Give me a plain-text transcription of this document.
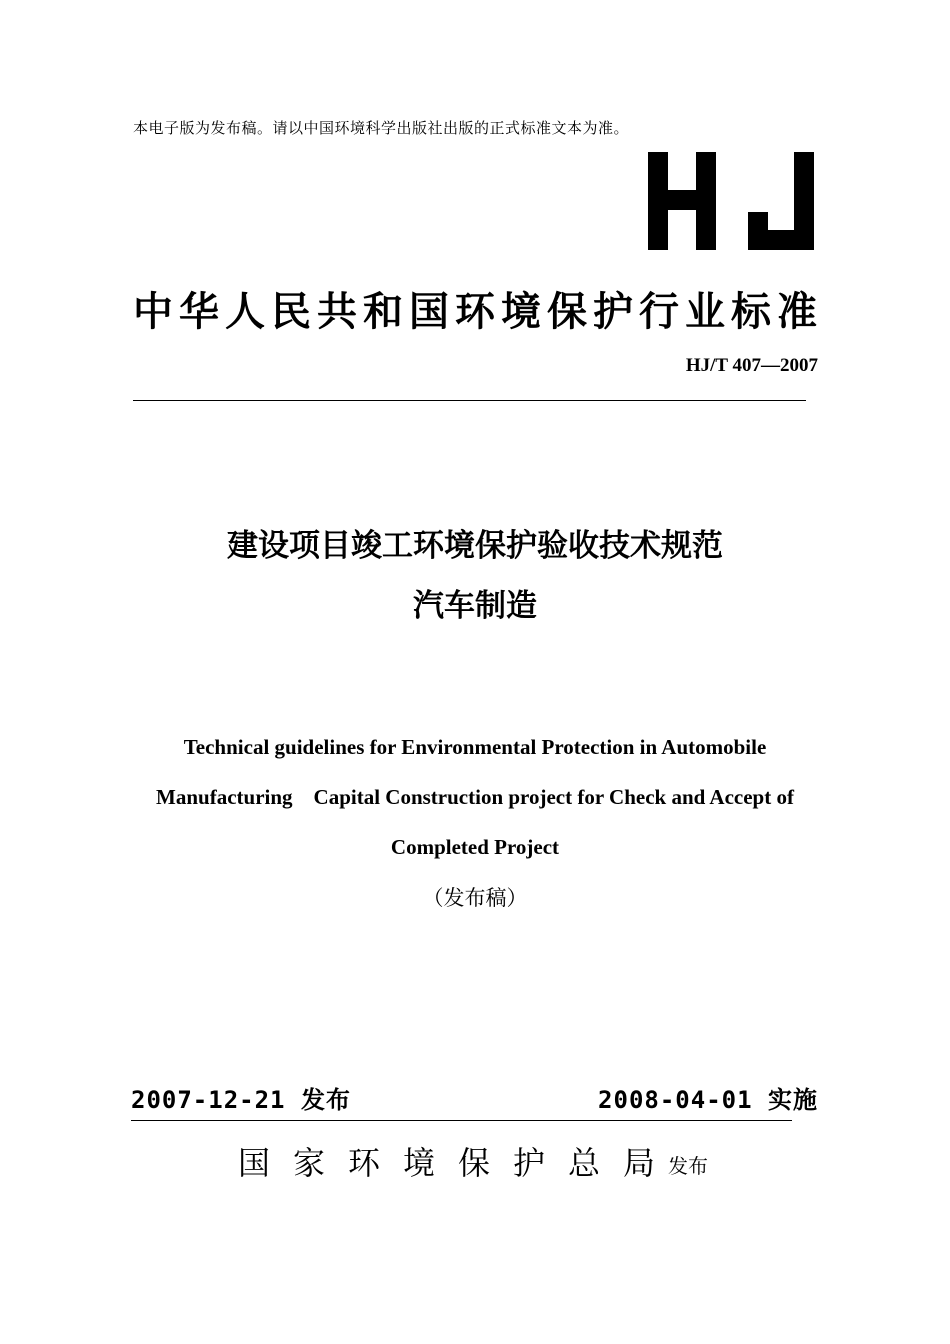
本电子版为发布稿。请以中国环境科学出版社出版的正式标准文本为准。
中华人民共和国环境保护行业标准
HJ/T 407—2007
建设项目竣工环境保护验收技术规范
汽车制造
Technical guidelines for Environmental Protection in Automobile
Manufacturing    Capital Construction project for Check and Accept of
Completed Project
（发布稿）
2007-12-21 发布	2008-04-01 实施
国家环境保护总局
发布
